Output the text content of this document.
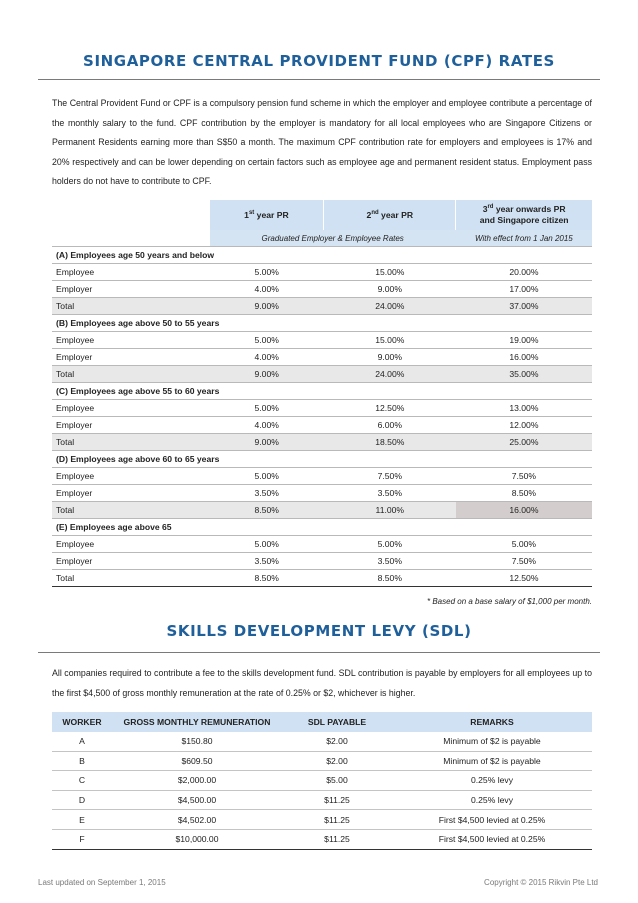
SINGAPORE CENTRAL PROVIDENT FUND (CPF) RATES
The Central Provident Fund or CPF is a compulsory pension fund scheme in which the employer and employee contribute a percentage of the monthly salary to the fund. CPF contribution by the employer is mandatory for all local employees who are Singapore Citizens or Permanent Residents earning more than S$50 a month. The maximum CPF contribution rate for employers and employees is 17% and 20% respectively and can be lower depending on certain factors such as employee age and permanent resident status. Employment pass holders do not have to contribute to CPF.
	1st year PR	2nd year PR	3rd year onwards PR
and Singapore citizen
	Graduated Employer & Employee Rates		With effect from 1 Jan 2015
(A) Employees age 50 years and below			
Employee	5.00%	15.00%	20.00%
Employer	4.00%	9.00%	17.00%
Total	9.00%	24.00%	37.00%
(B) Employees age above 50 to 55 years			
Employee	5.00%	15.00%	19.00%
Employer	4.00%	9.00%	16.00%
Total	9.00%	24.00%	35.00%
(C) Employees age above 55 to 60 years			
Employee	5.00%	12.50%	13.00%
Employer	4.00%	6.00%	12.00%
Total	9.00%	18.50%	25.00%
(D) Employees age above 60 to 65 years			
Employee	5.00%	7.50%	7.50%
Employer	3.50%	3.50%	8.50%
Total	8.50%	11.00%	16.00%
(E) Employees age above 65			
Employee	5.00%	5.00%	5.00%
Employer	3.50%	3.50%	7.50%
Total	8.50%	8.50%	12.50%
* Based on a base salary of $1,000 per month.
SKILLS DEVELOPMENT LEVY (SDL)
All companies required to contribute a fee to the skills development fund. SDL contribution is payable by employers for all employees up to the first $4,500 of gross monthly remuneration at the rate of 0.25% or $2, whichever is higher.
WORKER	GROSS MONTHLY REMUNERATION	SDL PAYABLE	REMARKS
A	$150.80	$2.00	Minimum of $2 is payable
B	$609.50	$2.00	Minimum of $2 is payable
C	$2,000.00	$5.00	0.25% levy
D	$4,500.00	$11.25	0.25% levy
E	$4,502.00	$11.25	First $4,500 levied at 0.25%
F	$10,000.00	$11.25	First $4,500 levied at 0.25%
Last updated on September 1, 2015	Copyright © 2015 Rikvin Pte Ltd
